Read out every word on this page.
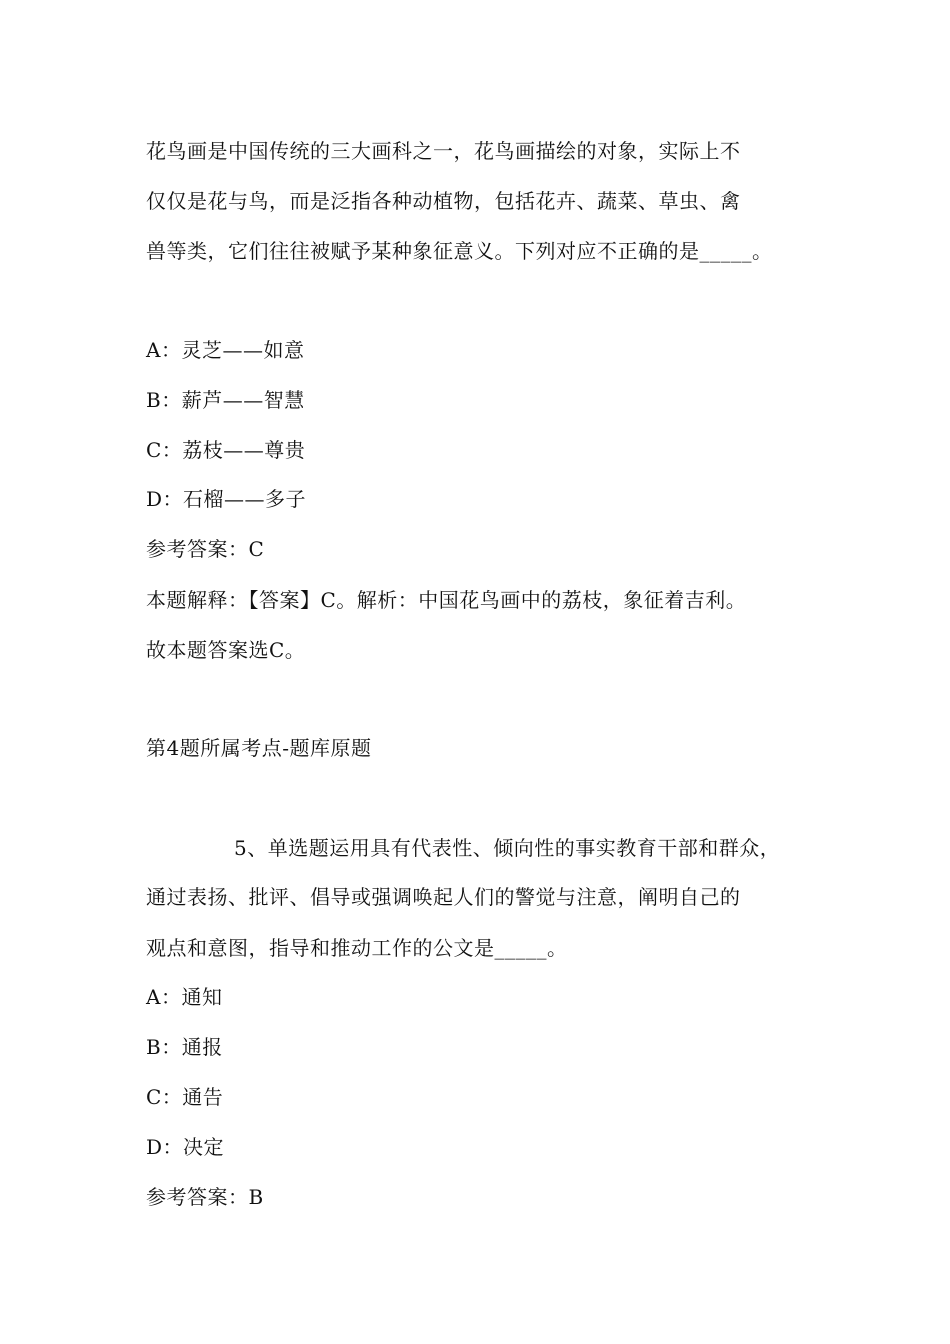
花鸟画是中国传统的三大画科之一，花鸟画描绘的对象，实际上不
仅仅是花与鸟，而是泛指各种动植物，包括花卉、蔬菜、草虫、禽
兽等类，它们往往被赋予某种象征意义。下列对应不正确的是_____。
A：灵芝——如意
B：薪芦——智慧
C：荔枝——尊贵
D：石榴——多子
参考答案：C
本题解释：【答案】C。解析：中国花鸟画中的荔枝，象征着吉利。
故本题答案选C。
第4题所属考点-题库原题
5、单选题运用具有代表性、倾向性的事实教育干部和群众，
通过表扬、批评、倡导或强调唤起人们的警觉与注意，阐明自己的
观点和意图，指导和推动工作的公文是_____。
A：通知
B：通报
C：通告
D：决定
参考答案：B
